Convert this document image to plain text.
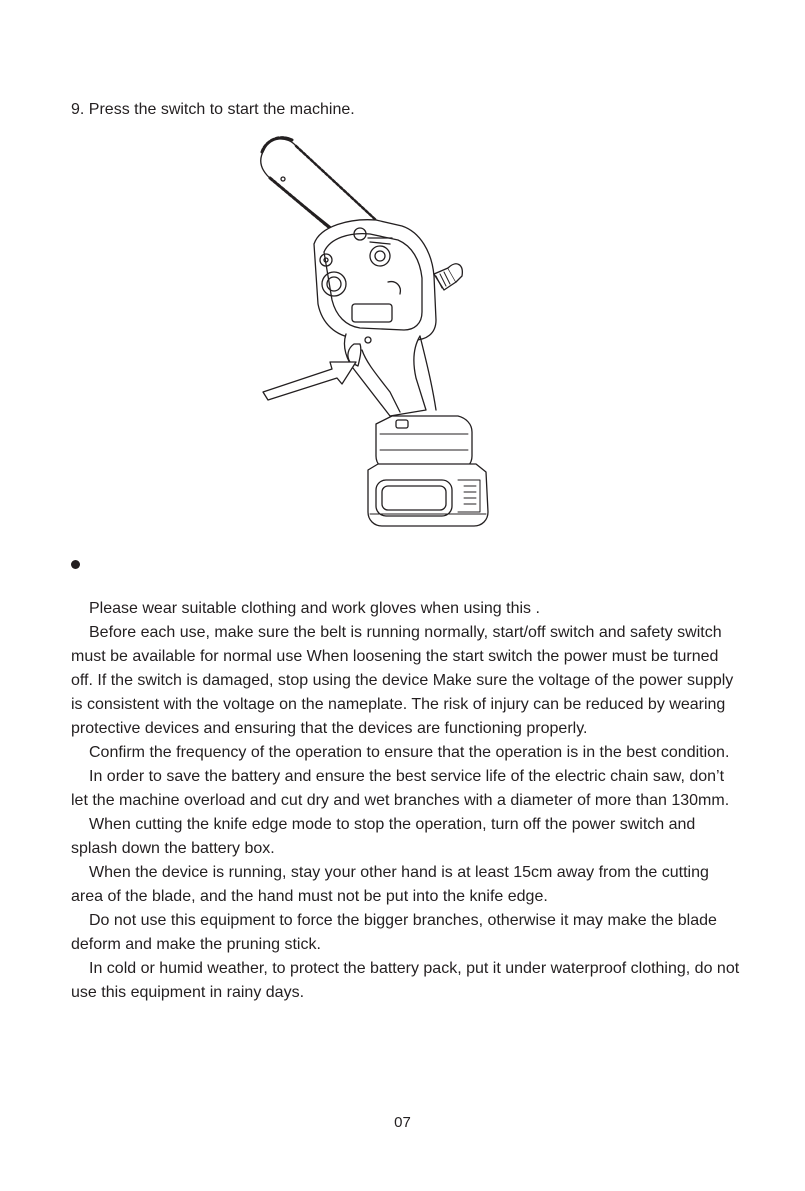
9. Press the switch to start the machine.

Please wear suitable clothing and work gloves when using this .

Before each use, make sure the belt is running normally, start/off switch and safety switch must be available for normal use When loosening the start switch the power must be turned off. If the switch is damaged, stop using the device Make sure the voltage of the power supply is consistent with the voltage on the nameplate. The risk of injury can be reduced by wearing protective devices and ensuring that the devices are functioning properly.

Confirm the frequency of the operation to ensure that the operation is in the best condition.

In order to save the battery and ensure the best service life of the electric chain saw, don’t let the machine overload and cut dry and wet branches with a diameter of more than 130mm.

When cutting the knife edge mode to stop the operation, turn off the power switch and splash down the battery box.

When the device is running, stay your other hand is at least 15cm away from the cutting area of the blade, and the hand must not be put into the knife edge.

Do not use this equipment to force the bigger branches, otherwise it may make the blade deform and make the pruning stick.

In cold or humid weather, to protect the battery pack, put it under waterproof clothing, do not use this equipment in rainy days.

07
